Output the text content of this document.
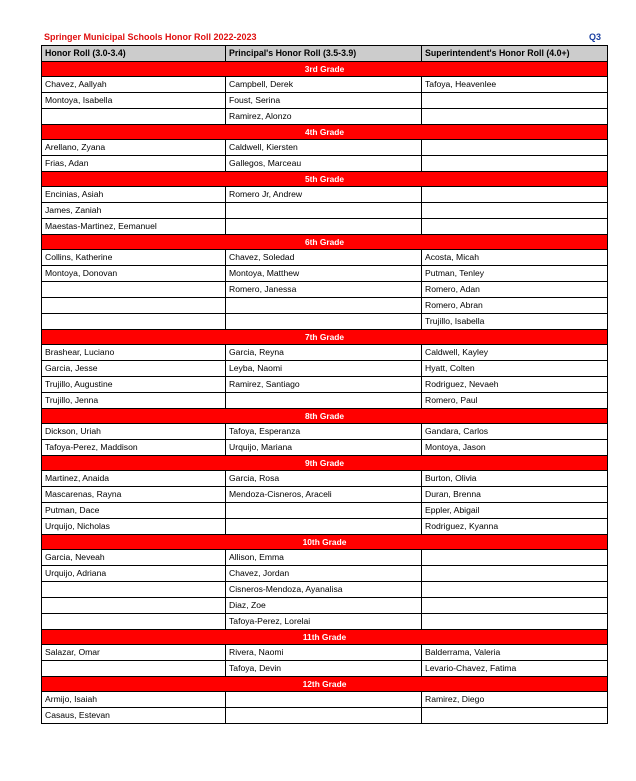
Springer Municipal Schools Honor Roll 2022-2023	Q3
Honor Roll (3.0-3.4)	Principal's Honor Roll (3.5-3.9)	Superintendent's Honor Roll (4.0+)
3rd Grade		
Chavez, Aallyah	Campbell, Derek	Tafoya, Heavenlee
Montoya, Isabella	Foust, Serina	
	Ramirez, Alonzo	
4th Grade		
Arellano, Zyana	Caldwell, Kiersten	
Frias, Adan	Gallegos, Marceau	
5th Grade		
Encinias, Asiah	Romero Jr, Andrew	
James, Zaniah		
Maestas-Martinez, Eemanuel		
6th Grade		
Collins, Katherine	Chavez, Soledad	Acosta, Micah
Montoya, Donovan	Montoya, Matthew	Putman, Tenley
	Romero, Janessa	Romero, Adan
		Romero, Abran
		Trujillo, Isabella
7th Grade		
Brashear, Luciano	Garcia, Reyna	Caldwell, Kayley
Garcia, Jesse	Leyba, Naomi	Hyatt, Colten
Trujillo, Augustine	Ramirez, Santiago	Rodriguez, Nevaeh
Trujillo, Jenna		Romero, Paul
8th Grade		
Dickson, Uriah	Tafoya, Esperanza	Gandara, Carlos
Tafoya-Perez, Maddison	Urquijo, Mariana	Montoya, Jason
9th Grade		
Martinez, Anaida	Garcia, Rosa	Burton, Olivia
Mascarenas, Rayna	Mendoza-Cisneros, Araceli	Duran, Brenna
Putman, Dace		Eppler, Abigail
Urquijo, Nicholas		Rodriguez, Kyanna
10th Grade		
Garcia, Neveah	Allison, Emma	
Urquijo, Adriana	Chavez, Jordan	
	Cisneros-Mendoza, Ayanalisa	
	Diaz, Zoe	
	Tafoya-Perez, Lorelai	
11th Grade		
Salazar, Omar	Rivera, Naomi	Balderrama, Valeria
	Tafoya, Devin	Levario-Chavez, Fatima
12th Grade		
Armijo, Isaiah		Ramirez, Diego
Casaus, Estevan		
